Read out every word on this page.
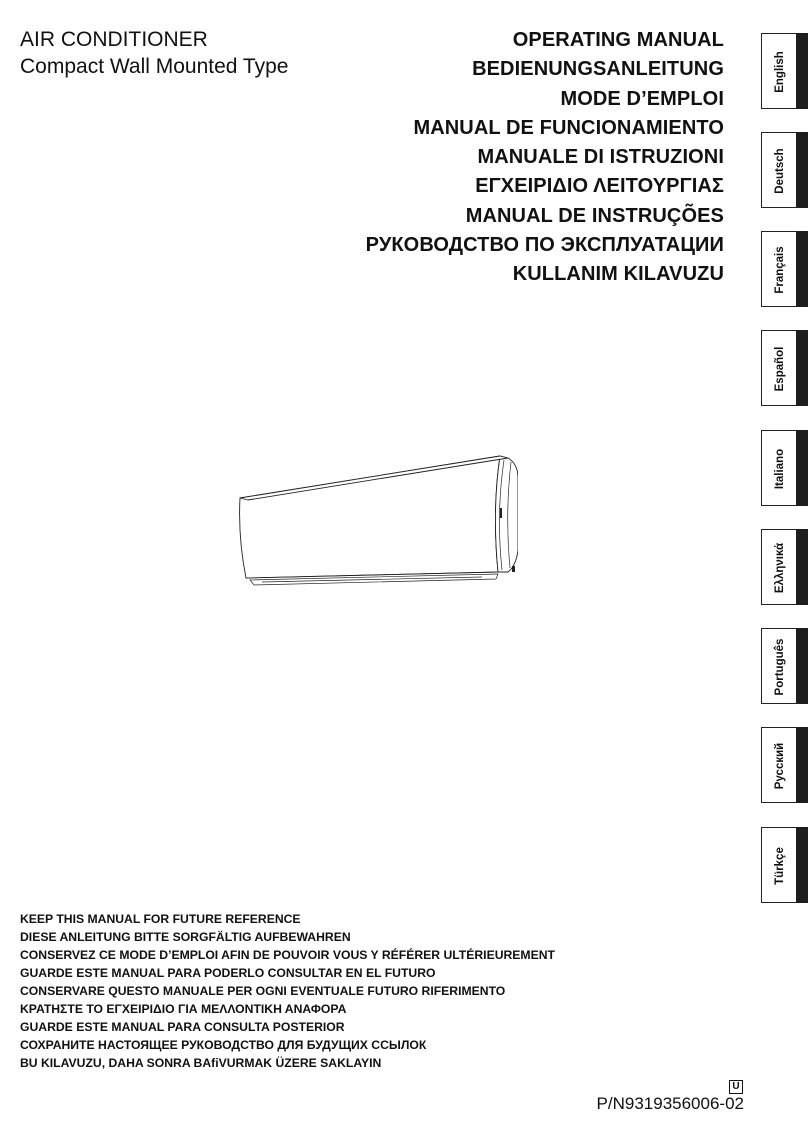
AIR CONDITIONER
Compact Wall Mounted Type
OPERATING MANUAL
BEDIENUNGSANLEITUNG
MODE D’EMPLOI
MANUAL DE FUNCIONAMIENTO
MANUALE DI ISTRUZIONI
ΕΓΧΕΙΡΙΔΙΟ ΛΕΙΤΟΥΡΓΙΑΣ
MANUAL DE INSTRUÇÕES
РУКОВОДСТВО ПО ЭКСПЛУАТАЦИИ
KULLANIM KILAVUZU
English
Deutsch
Français
Español
Italiano
Ελληνικά
Português
Русский
Türkçe
KEEP THIS MANUAL FOR FUTURE REFERENCE
DIESE ANLEITUNG BITTE SORGFÄLTIG AUFBEWAHREN
CONSERVEZ CE MODE D’EMPLOI AFIN DE POUVOIR VOUS Y RÉFÉRER ULTÉRIEUREMENT
GUARDE ESTE MANUAL PARA PODERLO CONSULTAR EN EL FUTURO
CONSERVARE QUESTO MANUALE PER OGNI EVENTUALE FUTURO RIFERIMENTO
ΚΡΑΤΗΣΤΕ ΤΟ ΕΓΧΕΙΡΙΔΙΟ ΓΙΑ ΜΕΛΛΟΝΤΙΚΗ ΑΝΑΦΟΡΑ
GUARDE ESTE MANUAL PARA CONSULTA POSTERIOR
СОХРАНИТЕ НАСТОЯЩЕЕ РУКОВОДСТВО ДЛЯ БУДУЩИХ ССЫЛОК
BU KILAVUZU, DAHA SONRA BAfiVURMAK ÜZERE SAKLAYIN
U
P/N9319356006-02
